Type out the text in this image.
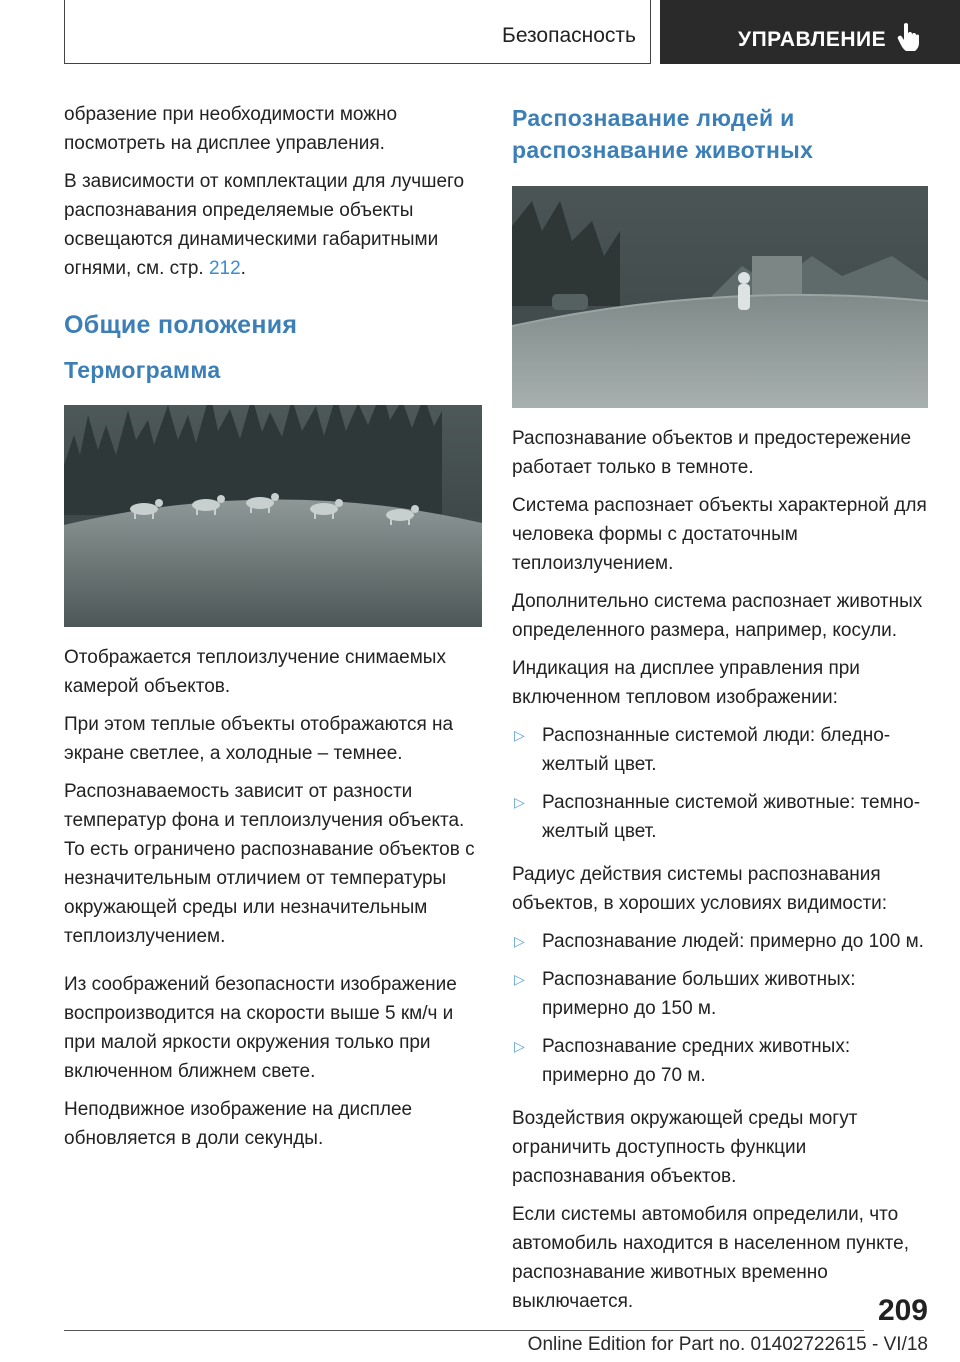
Безопасность	УПРАВЛЕНИЕ

образение при необходимости можно посмотреть на дисплее управления.

В зависимости от комплектации для лучшего распознавания определяемые объекты освещаются динамическими габаритными огнями, см. стр. 212.

Общие положения
Термограмма

Отображается теплоизлучение снимаемых камерой объектов.

При этом теплые объекты отображаются на экране светлее, а холодные – темнее.

Распознаваемость зависит от разности температур фона и теплоизлучения объекта. То есть ограничено распознавание объектов с незначительным отличием от температуры окружающей среды или незначительным теплоизлучением.

Из соображений безопасности изображение воспроизводится на скорости выше 5 км/ч и при малой яркости окружения только при включенном ближнем свете.

Неподвижное изображение на дисплее обновляется в доли секунды.

Распознавание людей и распознавание животных

Распознавание объектов и предостережение работает только в темноте.

Система распознает объекты характерной для человека формы с достаточным теплоизлучением.

Дополнительно система распознает животных определенного размера, например, косули.

Индикация на дисплее управления при включенном тепловом изображении:

▷ Распознанные системой люди: бледно-желтый цвет.
▷ Распознанные системой животные: темно-желтый цвет.

Радиус действия системы распознавания объектов, в хороших условиях видимости:

▷ Распознавание людей: примерно до 100 м.
▷ Распознавание больших животных: примерно до 150 м.
▷ Распознавание средних животных: примерно до 70 м.

Воздействия окружающей среды могут ограничить доступность функции распознавания объектов.

Если системы автомобиля определили, что автомобиль находится в населенном пункте, распознавание животных временно выключается.	209
Online Edition for Part no. 01402722615 - VI/18
